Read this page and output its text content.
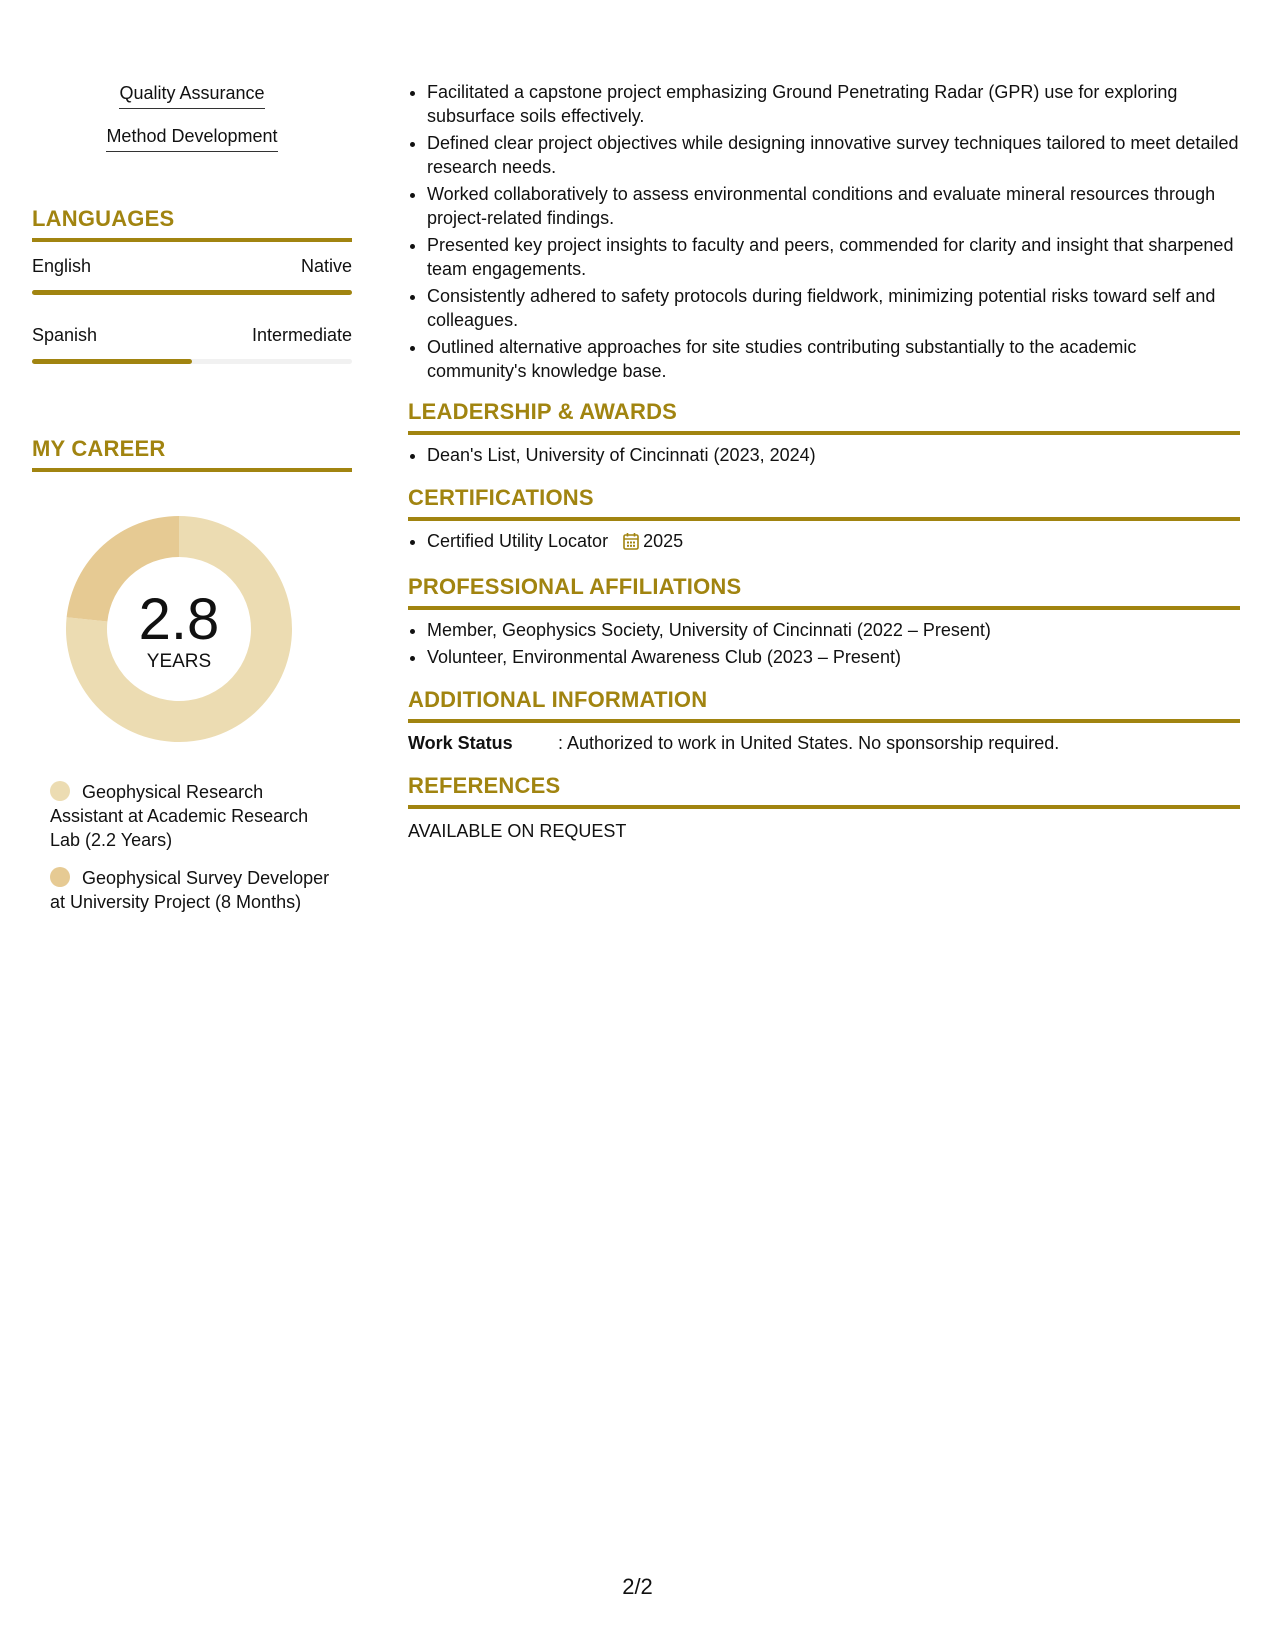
Quality Assurance
Method Development
LANGUAGES
English	Native
Spanish	Intermediate
MY CAREER
2.8
YEARS
Geophysical Research Assistant at Academic Research Lab (2.2 Years)
Geophysical Survey Developer at University Project (8 Months)
• Facilitated a capstone project emphasizing Ground Penetrating Radar (GPR) use for exploring subsurface soils effectively.
• Defined clear project objectives while designing innovative survey techniques tailored to meet detailed research needs.
• Worked collaboratively to assess environmental conditions and evaluate mineral resources through project-related findings.
• Presented key project insights to faculty and peers, commended for clarity and insight that sharpened team engagements.
• Consistently adhered to safety protocols during fieldwork, minimizing potential risks toward self and colleagues.
• Outlined alternative approaches for site studies contributing substantially to the academic community's knowledge base.
LEADERSHIP & AWARDS
• Dean's List, University of Cincinnati (2023, 2024)
CERTIFICATIONS
• Certified Utility Locator 2025
PROFESSIONAL AFFILIATIONS
• Member, Geophysics Society, University of Cincinnati (2022 – Present)
• Volunteer, Environmental Awareness Club (2023 – Present)
ADDITIONAL INFORMATION
Work Status	: Authorized to work in United States. No sponsorship required.
REFERENCES
AVAILABLE ON REQUEST
2/2
